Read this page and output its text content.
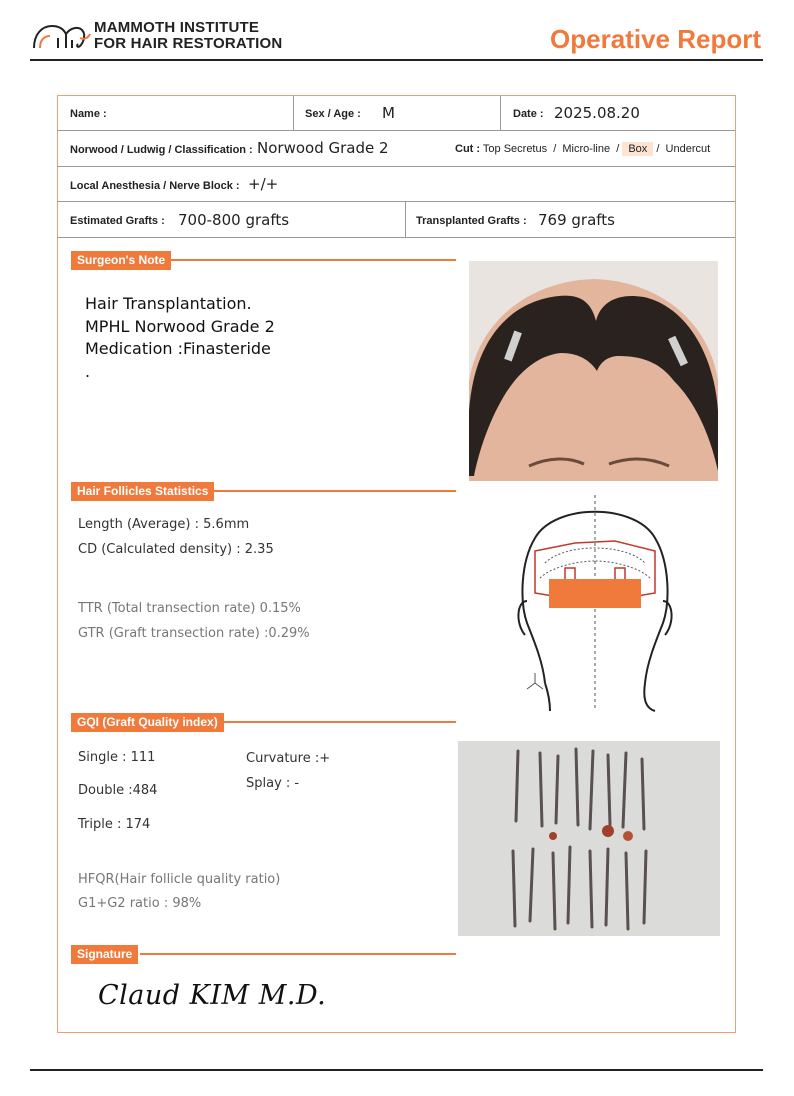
MAMMOTH INSTITUTE
FOR HAIR RESTORATION	Operative Report
Name :	Sex / Age : M	Date : 2025.08.20
Norwood / Ludwig / Classification : Norwood Grade 2	Cut : Top Secretus  /  Micro-line  / Box /  Undercut
Local Anesthesia / Nerve Block : +/+
Estimated Grafts : 700-800 grafts	Transplanted Grafts : 769 grafts
Surgeon's Note
Hair Transplantation.
MPHL Norwood Grade 2
Medication :Finasteride
.
Hair Follicles Statistics
Length (Average) : 5.6mm
CD (Calculated density) : 2.35
TTR (Total transection rate) 0.15%
GTR (Graft transection rate) :0.29%
GQI (Graft Quality index)
Single : 111
Double :484
Triple : 174
Curvature :+
Splay : -
HFQR(Hair follicle quality ratio)
G1+G2 ratio : 98%
Signature
Claud KIM M.D.
